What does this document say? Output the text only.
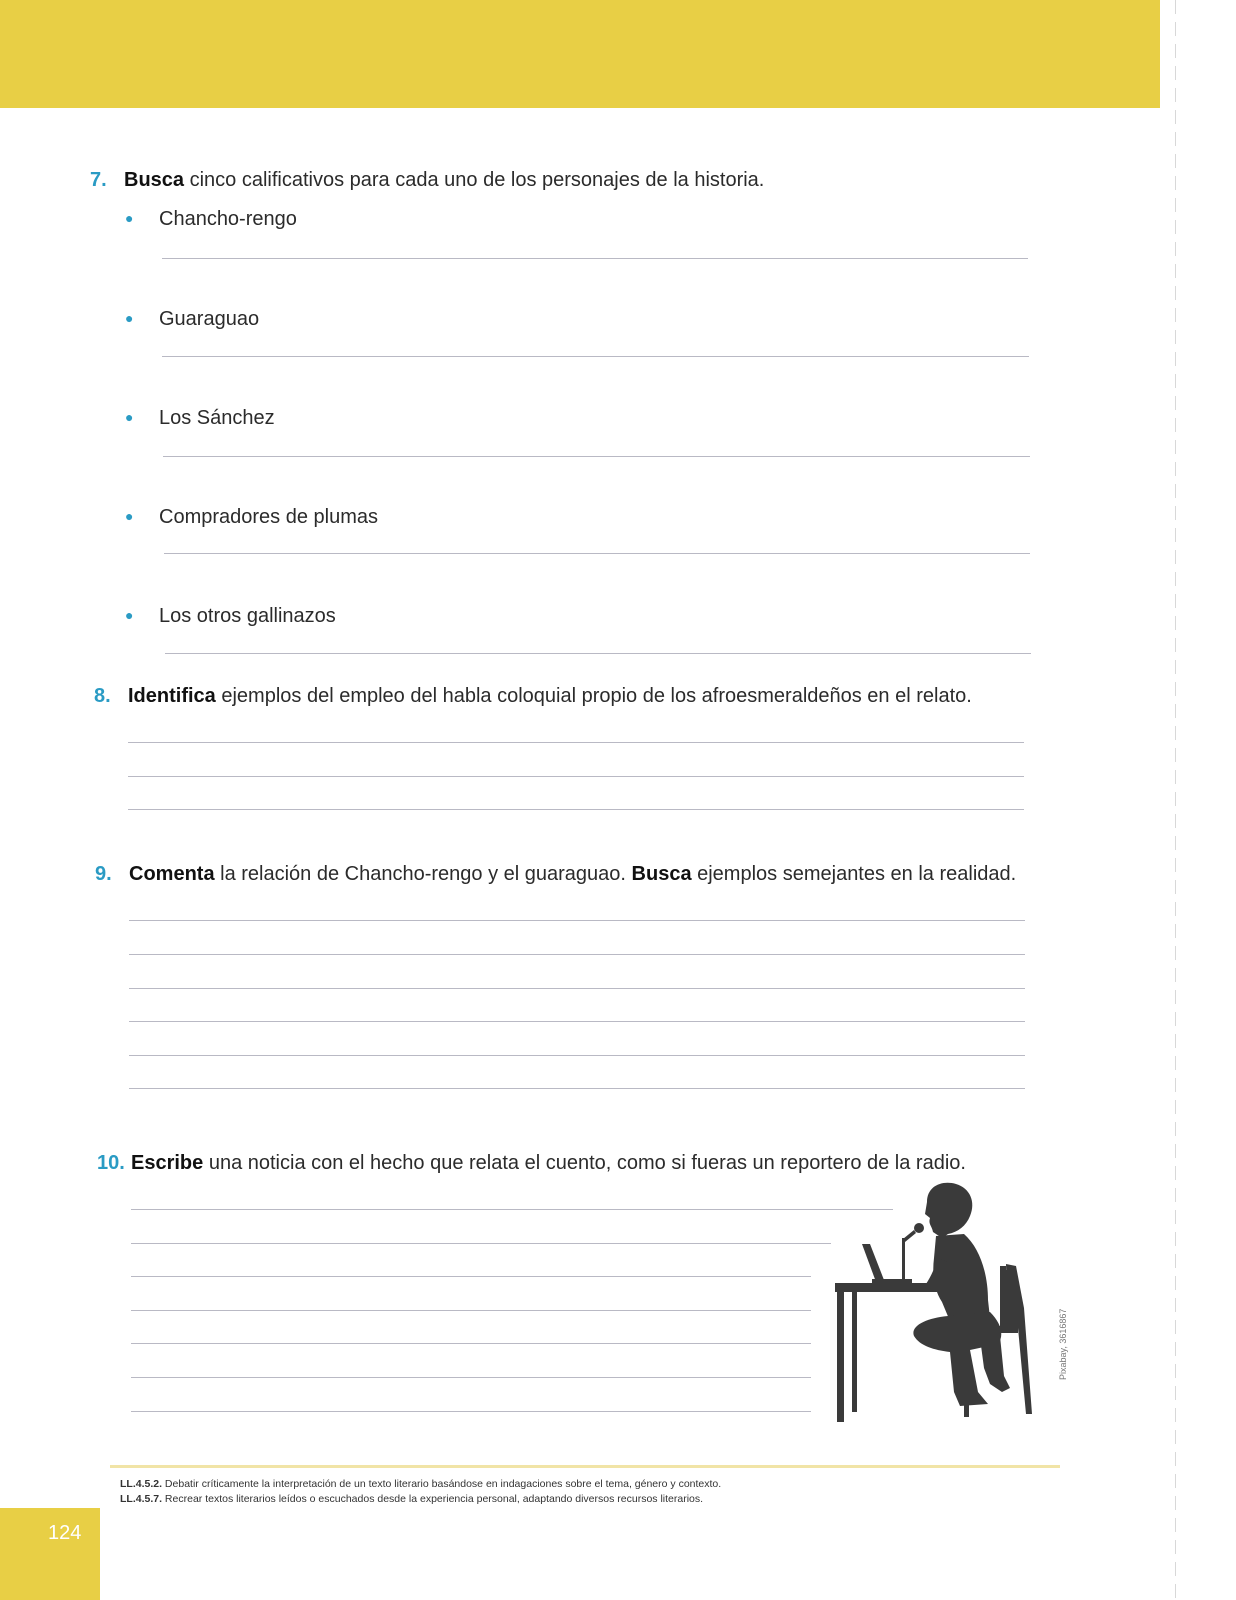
7. Busca cinco calificativos para cada uno de los personajes de la historia.
● Chancho-rengo
● Guaraguao
● Los Sánchez
● Compradores de plumas
● Los otros gallinazos
8. Identifica ejemplos del empleo del habla coloquial propio de los afroesmeraldeños en el relato.
9. Comenta la relación de Chancho-rengo y el guaraguao. Busca ejemplos semejantes en la realidad.
10. Escribe una noticia con el hecho que relata el cuento, como si fueras un reportero de la radio.
Pixabay, 3616867
LL.4.5.2. Debatir críticamente la interpretación de un texto literario basándose en indagaciones sobre el tema, género y contexto.
LL.4.5.7. Recrear textos literarios leídos o escuchados desde la experiencia personal, adaptando diversos recursos literarios.
124
